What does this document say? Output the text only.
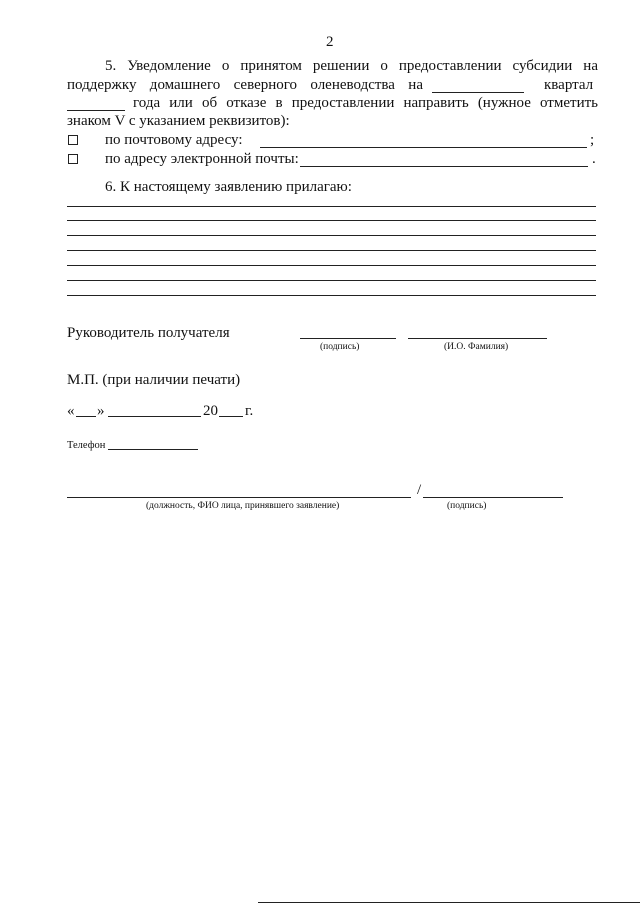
2
5. Уведомление о принятом решении о предоставлении субсидии на
поддержку домашнего северного оленеводства на	квартал
года или об отказе в предоставлении направить (нужное отметить
знаком V с указанием реквизитов):
по почтовому адресу:	;
по адресу электронной почты:	.
6. К настоящему заявлению прилагаю:
Руководитель получателя
(подпись)	(И.О. Фамилия)
М.П. (при наличии печати)
« »	20 г.
Телефон
/
(должность, ФИО лица, принявшего заявление)	(подпись)
